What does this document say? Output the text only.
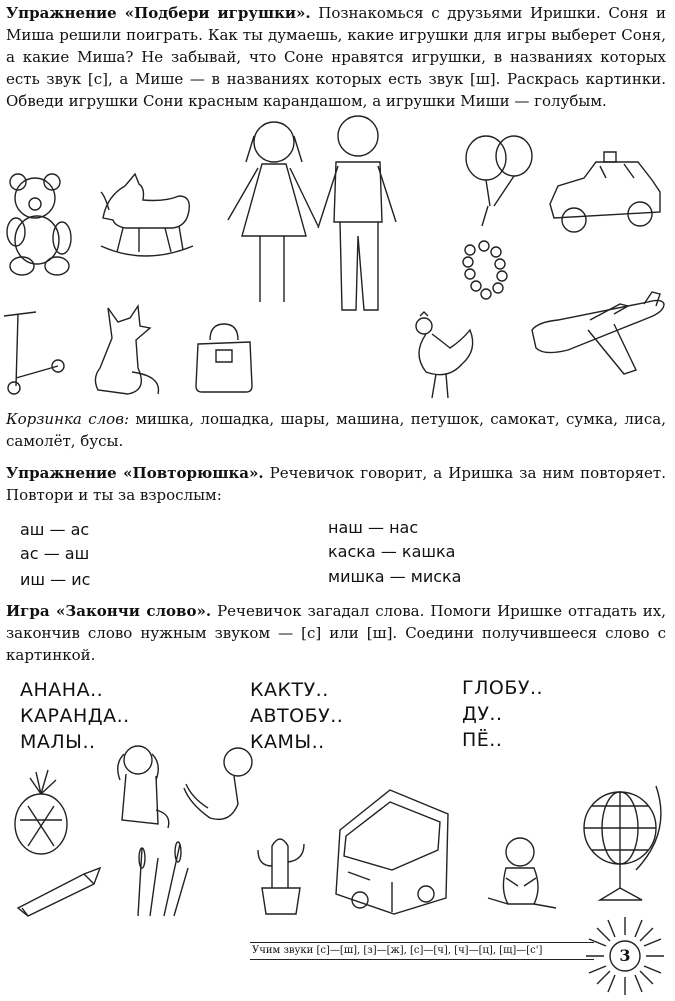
Упражнение «Подбери игрушки». Познакомься с друзьями Иришки. Соня и Миша решили поиграть. Как ты думаешь, какие игрушки для игры выберет Соня, а какие Миша? Не забывай, что Соне нравятся игрушки, в названиях которых есть звук [с], а Мише — в названиях которых есть звук [ш]. Раскрась картинки. Обведи игрушки Сони красным карандашом, а игрушки Миши — голубым.
Корзинка слов: мишка, лошадка, шары, машина, петушок, самокат, сумка, лиса, самолёт, бусы.
Упражнение «Повторюшка». Речевичок говорит, а Иришка за ним повторяет. Повтори и ты за взрослым:
аш — ас
ас — аш
иш — ис
наш — нас
каска — кашка
мишка — миска
Игра «Закончи слово». Речевичок загадал слова. Помоги Иришке отгадать их, закончив слово нужным звуком — [с] или [ш]. Соедини получившееся слово с картинкой.
АНАНА..
КАРАНДА..
МАЛЫ..
КАКТУ..
АВТОБУ..
КАМЫ..
ГЛОБУ..
ДУ..
ПЁ..
Учим звуки [с]—[ш], [з]—[ж], [с]—[ч], [ч]—[ц], [щ]—[с']	3
